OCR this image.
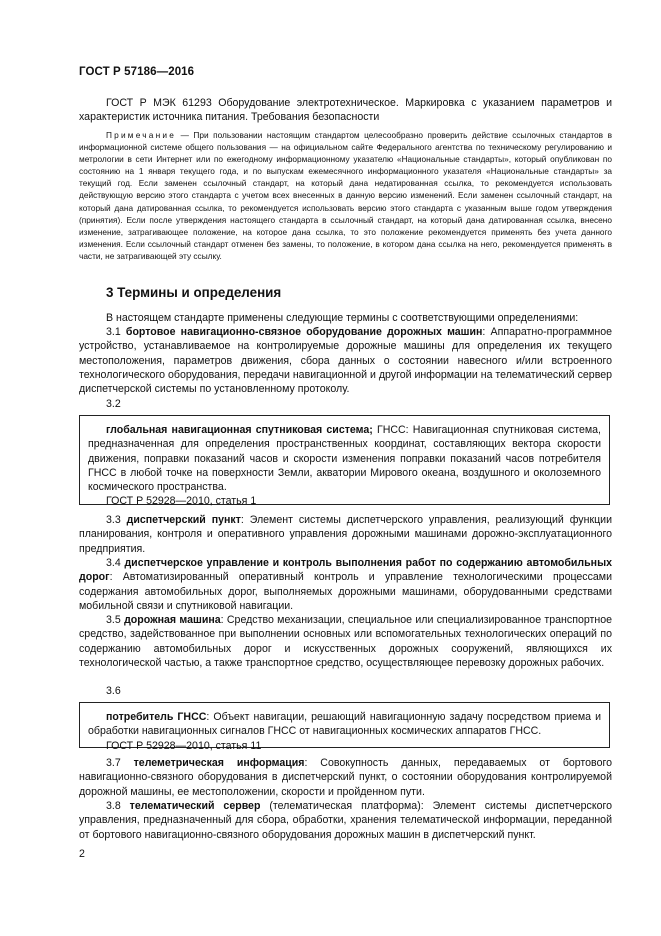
ГОСТ Р 57186—2016
ГОСТ Р МЭК 61293 Оборудование электротехническое. Маркировка с указанием параметров и характеристик источника питания. Требования безопасности
Примечание — При пользовании настоящим стандартом целесообразно проверить действие ссылочных стандартов в информационной системе общего пользования — на официальном сайте Федерального агентства по техническому регулированию и метрологии в сети Интернет или по ежегодному информационному указателю «Национальные стандарты», который опубликован по состоянию на 1 января текущего года, и по выпускам ежемесячного информационного указателя «Национальные стандарты» за текущий год. Если заменен ссылочный стандарт, на который дана недатированная ссылка, то рекомендуется использовать действующую версию этого стандарта с учетом всех внесенных в данную версию изменений. Если заменен ссылочный стандарт, на который дана датированная ссылка, то рекомендуется использовать версию этого стандарта с указанным выше годом утверждения (принятия). Если после утверждения настоящего стандарта в ссылочный стандарт, на который дана датированная ссылка, внесено изменение, затрагивающее положение, на которое дана ссылка, то это положение рекомендуется применять без учета данного изменения. Если ссылочный стандарт отменен без замены, то положение, в котором дана ссылка на него, рекомендуется применять в части, не затрагивающей эту ссылку.
3 Термины и определения
В настоящем стандарте применены следующие термины с соответствующими определениями:
3.1 бортовое навигационно-связное оборудование дорожных машин: Аппаратно-программное устройство, устанавливаемое на контролируемые дорожные машины для определения их текущего местоположения, параметров движения, сбора данных о состоянии навесного и/или встроенного технологического оборудования, передачи навигационной и другой информации на телематический сервер диспетчерской системы по установленному протоколу.
3.2
глобальная навигационная спутниковая система; ГНСС: Навигационная спутниковая система, предназначенная для определения пространственных координат, составляющих вектора скорости движения, поправки показаний часов и скорости изменения поправки показаний часов потребителя ГНСС в любой точке на поверхности Земли, акватории Мирового океана, воздушного и околоземного космического пространства.
ГОСТ Р 52928—2010, статья 1
3.3 диспетчерский пункт: Элемент системы диспетчерского управления, реализующий функции планирования, контроля и оперативного управления дорожными машинами дорожно-эксплуатационного предприятия.
3.4 диспетчерское управление и контроль выполнения работ по содержанию автомобильных дорог: Автоматизированный оперативный контроль и управление технологическими процессами содержания автомобильных дорог, выполняемых дорожными машинами, оборудованными средствами мобильной связи и спутниковой навигации.
3.5 дорожная машина: Средство механизации, специальное или специализированное транспортное средство, задействованное при выполнении основных или вспомогательных технологических операций по содержанию автомобильных дорог и искусственных дорожных сооружений, являющихся их технологической частью, а также транспортное средство, осуществляющее перевозку дорожных рабочих.
3.6
потребитель ГНСС: Объект навигации, решающий навигационную задачу посредством приема и обработки навигационных сигналов ГНСС от навигационных космических аппаратов ГНСС.
ГОСТ Р 52928—2010, статья 11
3.7 телеметрическая информация: Совокупность данных, передаваемых от бортового навигационно-связного оборудования в диспетчерский пункт, о состоянии оборудования контролируемой дорожной машины, ее местоположении, скорости и пройденном пути.
3.8 телематический сервер (телематическая платформа): Элемент системы диспетчерского управления, предназначенный для сбора, обработки, хранения телематической информации, переданной от бортового навигационно-связного оборудования дорожных машин в диспетчерский пункт.
2
